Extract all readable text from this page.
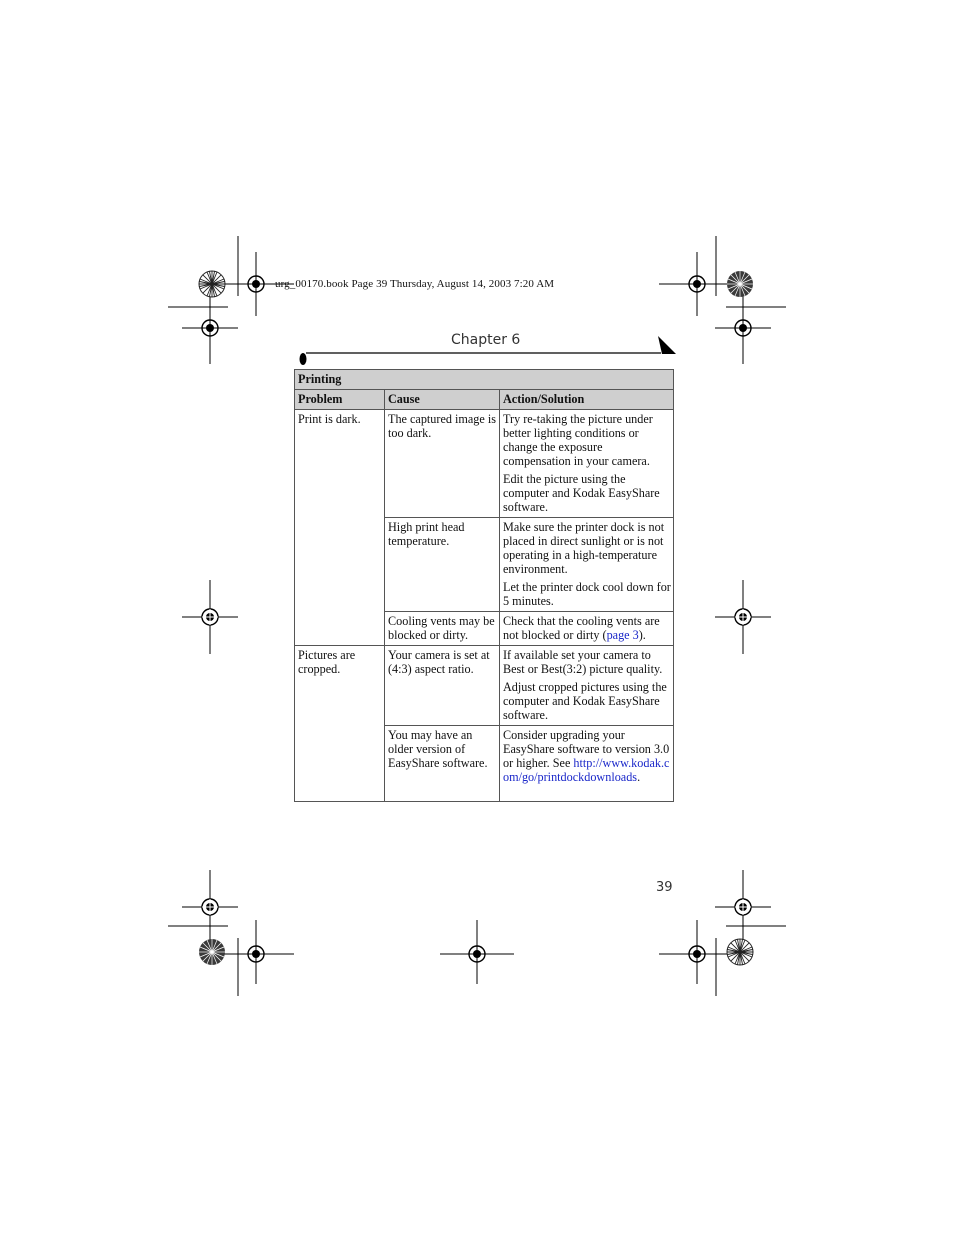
urg_00170.book Page 39 Thursday, August 14, 2003 7:20 AM
Chapter 6
Printing		
Problem	Cause	Action/Solution
Print is dark.	The captured image is too dark.	Try re-taking the picture under better lighting conditions or change the exposure compensation in your camera.
Edit the picture using the computer and Kodak EasyShare software.

	High print head temperature.	Make sure the printer dock is not placed in direct sunlight or is not operating in a high-temperature environment.
Let the printer dock cool down for 5 minutes.

	Cooling vents may be blocked or dirty.	Check that the cooling vents are not blocked or dirty (page 3).
Pictures are cropped.	Your camera is set at (4:3) aspect ratio.	If available set your camera to Best or Best(3:2) picture quality.
Adjust cropped pictures using the computer and Kodak EasyShare software.

	You may have an older version of EasyShare software.	Consider upgrading your EasyShare software to version 3.0 or higher. See http://www.kodak.com/go/printdockdownloads.
39
